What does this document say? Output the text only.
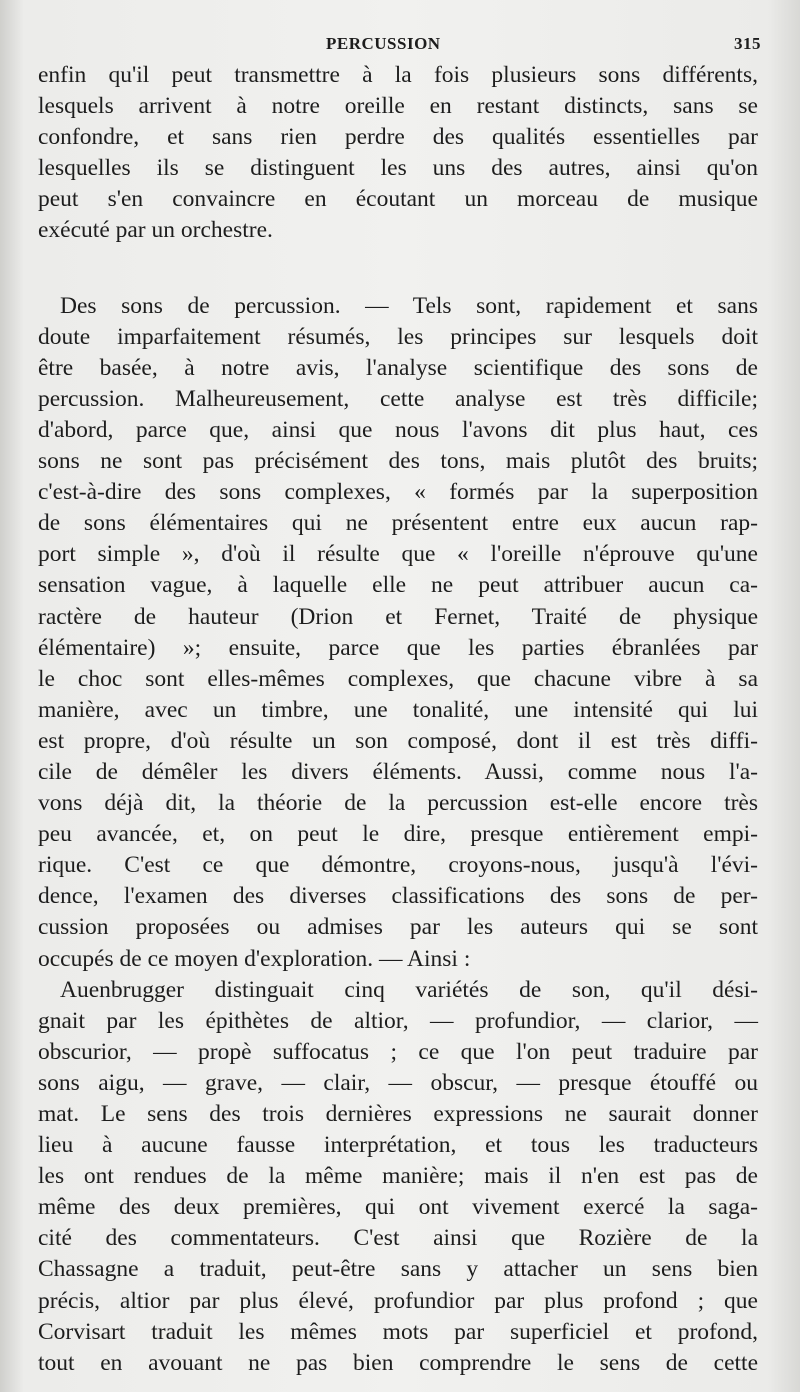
PERCUSSION	315
enfin qu'il peut transmettre à la fois plusieurs sons différents,
lesquels arrivent à notre oreille en restant distincts, sans se
confondre, et sans rien perdre des qualités essentielles par
lesquelles ils se distinguent les uns des autres, ainsi qu'on
peut s'en convaincre en écoutant un morceau de musique
exécuté par un orchestre.
Des sons de percussion. — Tels sont, rapidement et sans
doute imparfaitement résumés, les principes sur lesquels doit
être basée, à notre avis, l'analyse scientifique des sons de
percussion. Malheureusement, cette analyse est très difficile;
d'abord, parce que, ainsi que nous l'avons dit plus haut, ces
sons ne sont pas précisément des tons, mais plutôt des bruits;
c'est-à-dire des sons complexes, « formés par la superposition
de sons élémentaires qui ne présentent entre eux aucun rap-
port simple », d'où il résulte que « l'oreille n'éprouve qu'une
sensation vague, à laquelle elle ne peut attribuer aucun ca-
ractère de hauteur (Drion et Fernet, Traité de physique
élémentaire) »; ensuite, parce que les parties ébranlées par
le choc sont elles-mêmes complexes, que chacune vibre à sa
manière, avec un timbre, une tonalité, une intensité qui lui
est propre, d'où résulte un son composé, dont il est très diffi-
cile de démêler les divers éléments. Aussi, comme nous l'a-
vons déjà dit, la théorie de la percussion est-elle encore très
peu avancée, et, on peut le dire, presque entièrement empi-
rique. C'est ce que démontre, croyons-nous, jusqu'à l'évi-
dence, l'examen des diverses classifications des sons de per-
cussion proposées ou admises par les auteurs qui se sont
occupés de ce moyen d'exploration. — Ainsi :
Auenbrugger distinguait cinq variétés de son, qu'il dési-
gnait par les épithètes de altior, — profundior, — clarior, —
obscurior, — propè suffocatus ; ce que l'on peut traduire par
sons aigu, — grave, — clair, — obscur, — presque étouffé ou
mat. Le sens des trois dernières expressions ne saurait donner
lieu à aucune fausse interprétation, et tous les traducteurs
les ont rendues de la même manière; mais il n'en est pas de
même des deux premières, qui ont vivement exercé la saga-
cité des commentateurs. C'est ainsi que Rozière de la
Chassagne a traduit, peut-être sans y attacher un sens bien
précis, altior par plus élevé, profundior par plus profond ; que
Corvisart traduit les mêmes mots par superficiel et profond,
tout en avouant ne pas bien comprendre le sens de cette
